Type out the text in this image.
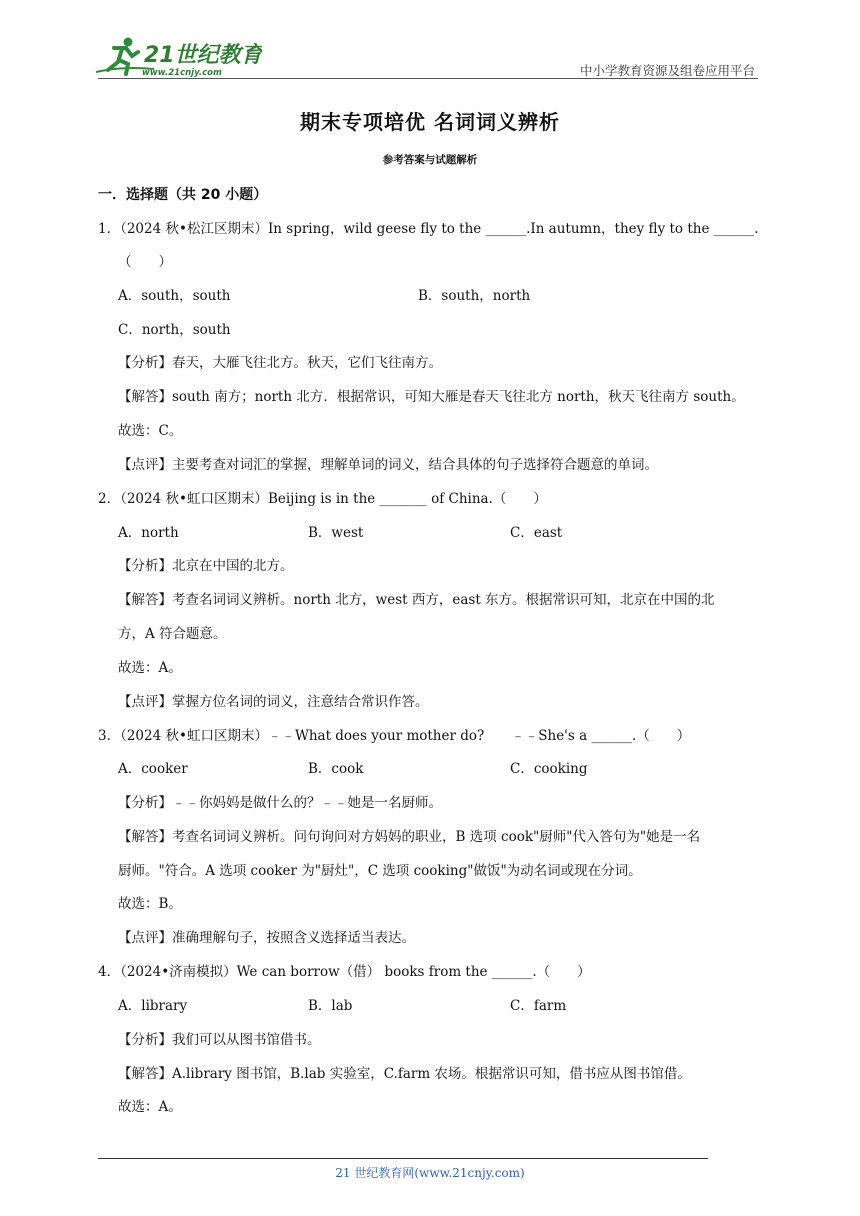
21世纪教育
www.21cnjy.com	中小学教育资源及组卷应用平台
期末专项培优 名词词义辨析
参考答案与试题解析
一．选择题（共 20 小题）
1．（2024 秋•松江区期末）In spring，wild geese fly to the ______.In autumn，they fly to the ______.
（　　）
A．south，south	B．south，north
C．north，south
【分析】春天，大雁飞往北方。秋天，它们飞往南方。
【解答】south 南方；north 北方．根据常识，可知大雁是春天飞往北方 north，秋天飞往南方 south。
故选：C。
【点评】主要考查对词汇的掌握，理解单词的词义，结合具体的句子选择符合题意的单词。
2．（2024 秋•虹口区期末）Beijing is in the _______ of China.（　　）
A．north	B．west	C．east
【分析】北京在中国的北方。
【解答】考查名词词义辨析。north 北方，west 西方，east 东方。根据常识可知，北京在中国的北
方，A 符合题意。
故选：A。
【点评】掌握方位名词的词义，注意结合常识作答。
3．（2024 秋•虹口区期末）﹣﹣What does your mother do?　　﹣﹣She's a ______.（　　）
A．cooker	B．cook	C．cooking
【分析】﹣﹣你妈妈是做什么的？﹣﹣她是一名厨师。
【解答】考查名词词义辨析。问句询问对方妈妈的职业，B 选项 cook"厨师"代入答句为"她是一名
厨师。"符合。A 选项 cooker 为"厨灶"，C 选项 cooking"做饭"为动名词或现在分词。
故选：B。
【点评】准确理解句子，按照含义选择适当表达。
4．（2024•济南模拟）We can borrow（借） books from the ______.（　　）
A．library	B．lab	C．farm
【分析】我们可以从图书馆借书。
【解答】A.library 图书馆，B.lab 实验室，C.farm 农场。根据常识可知，借书应从图书馆借。
故选：A。
21 世纪教育网(www.21cnjy.com)
